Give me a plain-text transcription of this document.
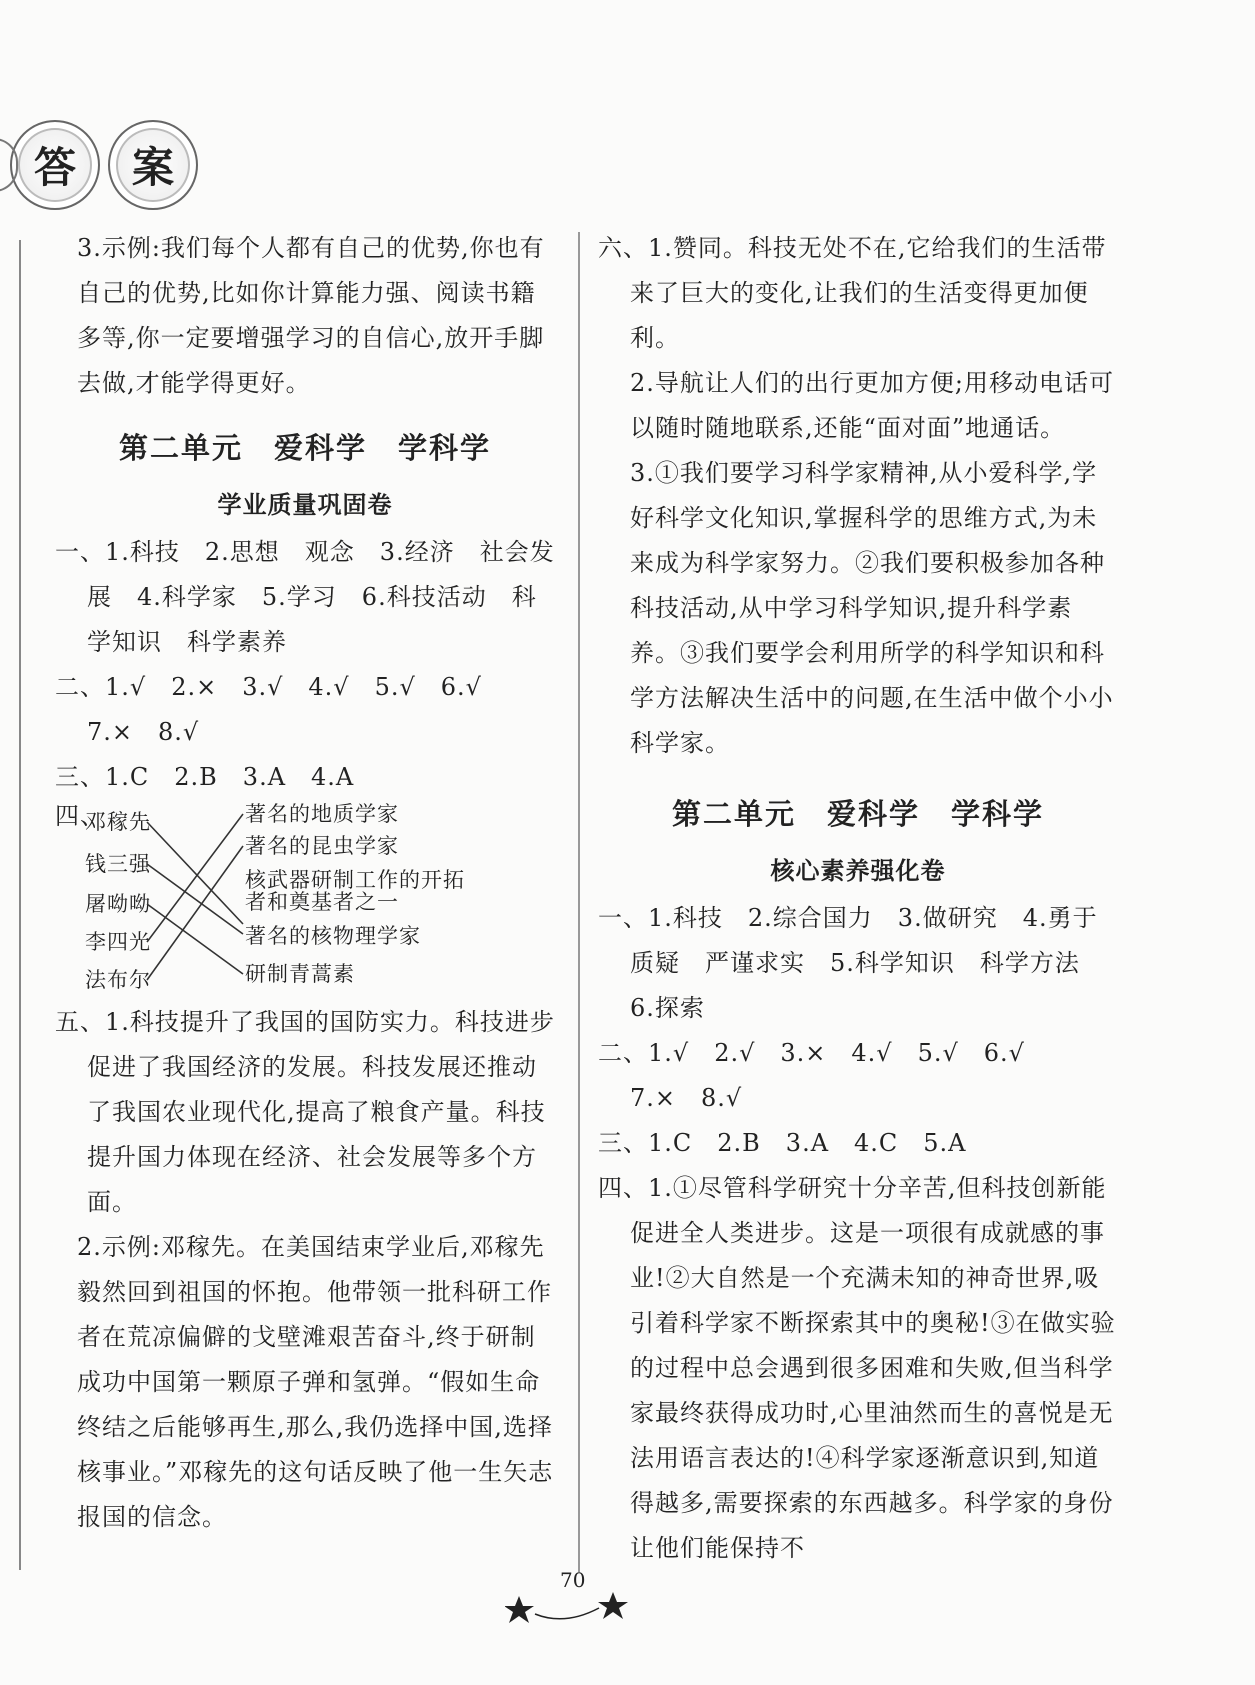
答	案

3.示例:我们每个人都有自己的优势,你也有自己的优势,比如你计算能力强、阅读书籍多等,你一定要增强学习的自信心,放开手脚去做,才能学得更好。

第二单元　爱科学　学科学
学业质量巩固卷

一、1.科技　2.思想　观念　3.经济　社会发展　4.科学家　5.学习　6.科技活动　科学知识　科学素养

二、1.√　2.×　3.√　4.√　5.√　6.√

7.×　8.√

三、1.C　2.B　3.A　4.A

四、
邓稼先
钱三强
屠呦呦
李四光
法布尔
著名的地质学家
著名的昆虫学家
核武器研制工作的开拓
者和奠基者之一
著名的核物理学家
研制青蒿素

五、1.科技提升了我国的国防实力。科技进步促进了我国经济的发展。科技发展还推动了我国农业现代化,提高了粮食产量。科技提升国力体现在经济、社会发展等多个方面。

2.示例:邓稼先。在美国结束学业后,邓稼先毅然回到祖国的怀抱。他带领一批科研工作者在荒凉偏僻的戈壁滩艰苦奋斗,终于研制成功中国第一颗原子弹和氢弹。“假如生命终结之后能够再生,那么,我仍选择中国,选择核事业。”邓稼先的这句话反映了他一生矢志报国的信念。

六、1.赞同。科技无处不在,它给我们的生活带来了巨大的变化,让我们的生活变得更加便利。

2.导航让人们的出行更加方便;用移动电话可以随时随地联系,还能“面对面”地通话。

3.①我们要学习科学家精神,从小爱科学,学好科学文化知识,掌握科学的思维方式,为未来成为科学家努力。②我们要积极参加各种科技活动,从中学习科学知识,提升科学素养。③我们要学会利用所学的科学知识和科学方法解决生活中的问题,在生活中做个小小科学家。

第二单元　爱科学　学科学
核心素养强化卷

一、1.科技　2.综合国力　3.做研究　4.勇于质疑　严谨求实　5.科学知识　科学方法　6.探索

二、1.√　2.√　3.×　4.√　5.√　6.√

7.×　8.√

三、1.C　2.B　3.A　4.C　5.A

四、1.①尽管科学研究十分辛苦,但科技创新能促进全人类进步。这是一项很有成就感的事业!②大自然是一个充满未知的神奇世界,吸引着科学家不断探索其中的奥秘!③在做实验的过程中总会遇到很多困难和失败,但当科学家最终获得成功时,心里油然而生的喜悦是无法用语言表达的!④科学家逐渐意识到,知道得越多,需要探索的东西越多。科学家的身份让他们能保持不

70
